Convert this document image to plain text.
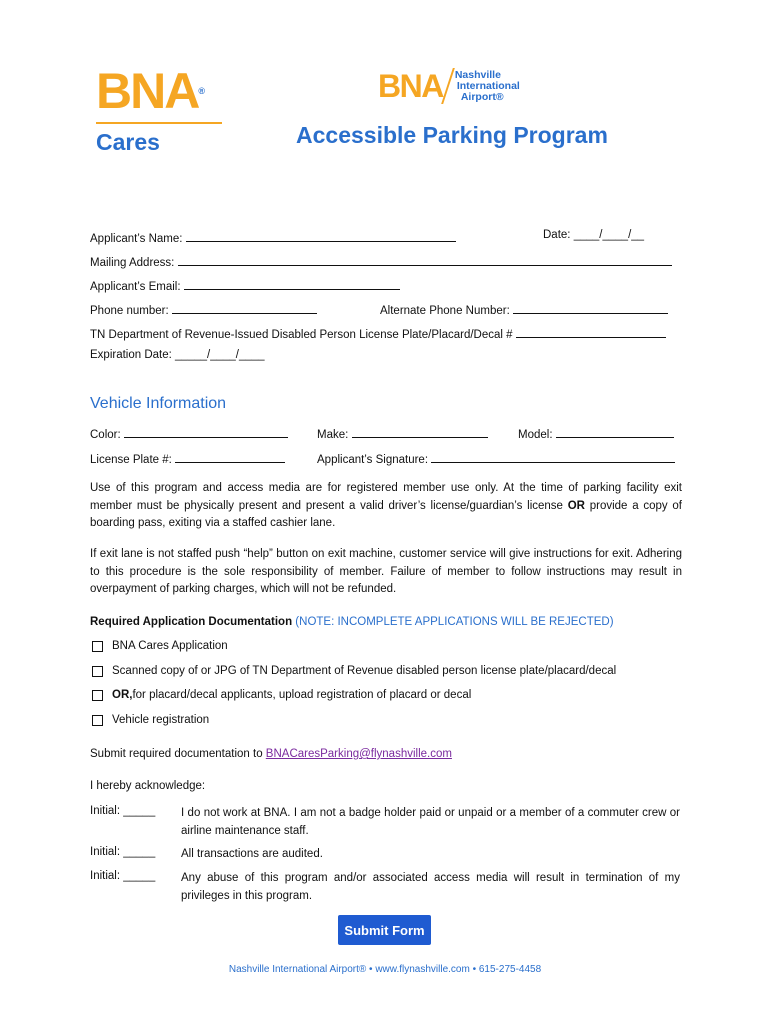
BNA®
Cares
BNA Nashville
International
Airport®
Accessible Parking Program
Applicant’s Name:	Date: ____/____/__
Mailing Address:
Applicant’s Email:
Phone number:	Alternate Phone Number:
TN Department of Revenue-Issued Disabled Person License Plate/Placard/Decal #
Expiration Date: _____/____/____
Vehicle Information
Color:	Make:	Model:
License Plate #:	Applicant’s Signature:
Use of this program and access media are for registered member use only. At the time of parking facility exit member must be physically present and present a valid driver’s license/guardian’s license OR provide a copy of boarding pass, exiting via a staffed cashier lane.
If exit lane is not staffed push “help” button on exit machine, customer service will give instructions for exit. Adhering to this procedure is the sole responsibility of member. Failure of member to follow instructions may result in overpayment of parking charges, which will not be refunded.
Required Application Documentation (NOTE: INCOMPLETE APPLICATIONS WILL BE REJECTED)
BNA Cares Application
Scanned copy of or JPG of TN Department of Revenue disabled person license plate/placard/decal
OR, for placard/decal applicants, upload registration of placard or decal
Vehicle registration
Submit required documentation to BNACaresParking@flynashville.com
I hereby acknowledge:
Initial: _____ I do not work at BNA. I am not a badge holder paid or unpaid or a member of a commuter crew or airline maintenance staff.
Initial: _____ All transactions are audited.
Initial: _____ Any abuse of this program and/or associated access media will result in termination of my privileges in this program.
Submit Form
Nashville International Airport® • www.flynashville.com • 615-275-4458
